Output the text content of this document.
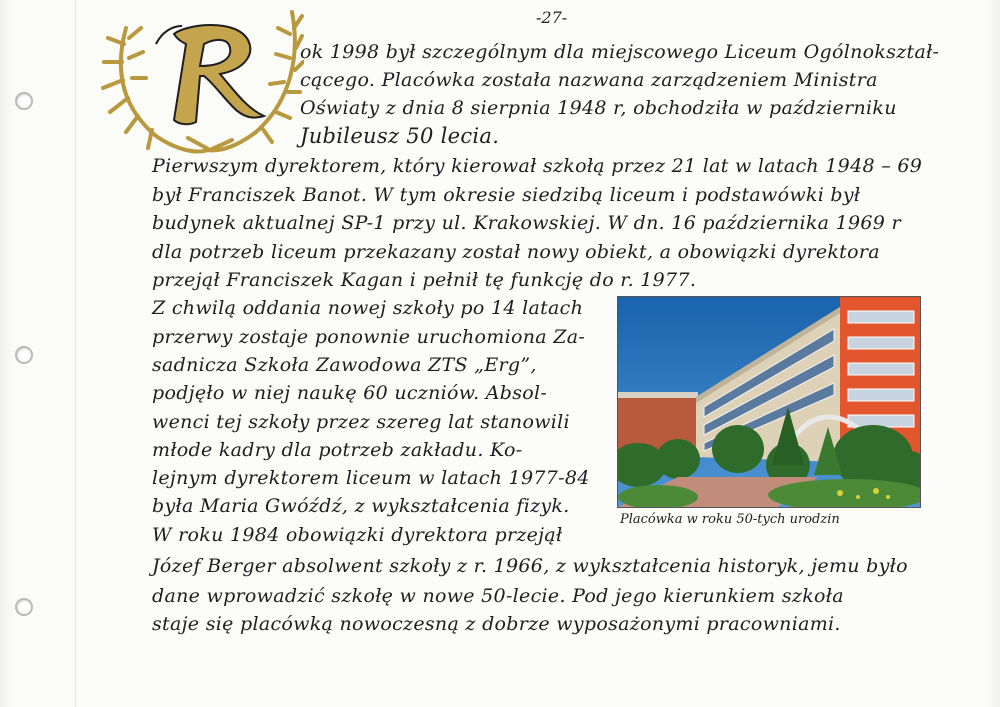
-27-
ok 1998 był szczególnym dla miejscowego Liceum Ogólnokształ-
cącego. Placówka została nazwana zarządzeniem Ministra
Oświaty z dnia 8 sierpnia 1948 r, obchodziła w październiku
Jubileusz 50 lecia.
Pierwszym dyrektorem, który kierował szkołą przez 21 lat w latach 1948 – 69
był Franciszek Banot. W tym okresie siedzibą liceum i podstawówki był
budynek aktualnej SP-1 przy ul. Krakowskiej. W dn. 16 października 1969 r
dla potrzeb liceum przekazany został nowy obiekt, a obowiązki dyrektora
przejął Franciszek Kagan i pełnił tę funkcję do r. 1977.
Z chwilą oddania nowej szkoły po 14 latach
przerwy zostaje ponownie uruchomiona Za-
sadnicza Szkoła Zawodowa ZTS „Erg”,
podjęło w niej naukę 60 uczniów. Absol-
wenci tej szkoły przez szereg lat stanowili
młode kadry dla potrzeb zakładu. Ko-
lejnym dyrektorem liceum w latach 1977-84
była Maria Gwóźdź, z wykształcenia fizyk.
W roku 1984 obowiązki dyrektora przejął
Józef Berger absolwent szkoły z r. 1966, z wykształcenia historyk, jemu było
dane wprowadzić szkołę w nowe 50-lecie. Pod jego kierunkiem szkoła
staje się placówką nowoczesną z dobrze wyposażonymi pracowniami.
Placówka w roku 50-tych urodzin
